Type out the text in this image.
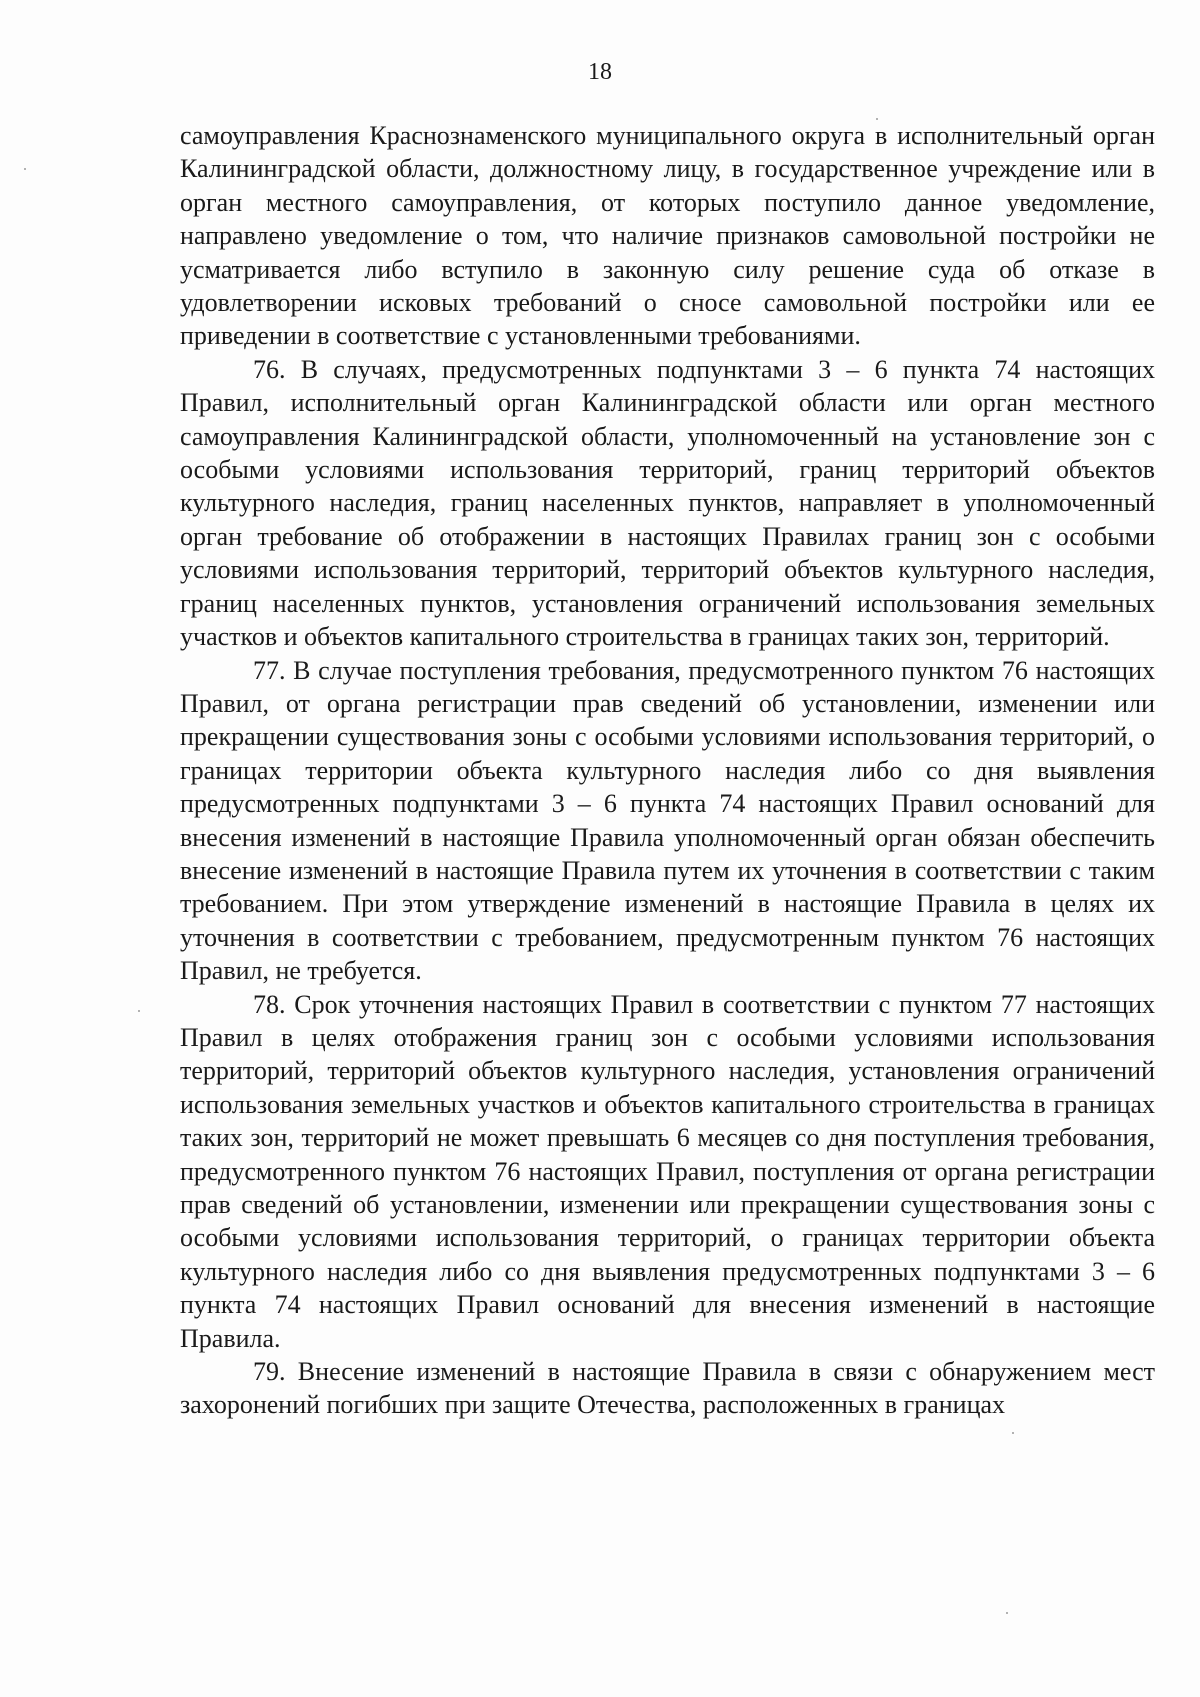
18

самоуправления Краснознаменского муниципального округа в исполнительный орган Калининградской области, должностному лицу, в государственное учреждение или в орган местного самоуправления, от которых поступило данное уведомление, направлено уведомление о том, что наличие признаков самовольной постройки не усматривается либо вступило в законную силу решение суда об отказе в удовлетворении исковых требований о сносе самовольной постройки или ее приведении в соответствие с установленными требованиями.

76. В случаях, предусмотренных подпунктами 3 – 6 пункта 74 настоящих Правил, исполнительный орган Калининградской области или орган местного самоуправления Калининградской области, уполномоченный на установление зон с особыми условиями использования территорий, границ территорий объектов культурного наследия, границ населенных пунктов, направляет в уполномоченный орган требование об отображении в настоящих Правилах границ зон с особыми условиями использования территорий, территорий объектов культурного наследия, границ населенных пунктов, установления ограничений использования земельных участков и объектов капитального строительства в границах таких зон, территорий.

77. В случае поступления требования, предусмотренного пунктом 76 настоящих Правил, от органа регистрации прав сведений об установлении, изменении или прекращении существования зоны с особыми условиями использования территорий, о границах территории объекта культурного наследия либо со дня выявления предусмотренных подпунктами 3 – 6 пункта 74 настоящих Правил оснований для внесения изменений в настоящие Правила уполномоченный орган обязан обеспечить внесение изменений в настоящие Правила путем их уточнения в соответствии с таким требованием. При этом утверждение изменений в настоящие Правила в целях их уточнения в соответствии с требованием, предусмотренным пунктом 76 настоящих Правил, не требуется.

78. Срок уточнения настоящих Правил в соответствии с пунктом 77 настоящих Правил в целях отображения границ зон с особыми условиями использования территорий, территорий объектов культурного наследия, установления ограничений использования земельных участков и объектов капитального строительства в границах таких зон, территорий не может превышать 6 месяцев со дня поступления требования, предусмотренного пунктом 76 настоящих Правил, поступления от органа регистрации прав сведений об установлении, изменении или прекращении существования зоны с особыми условиями использования территорий, о границах территории объекта культурного наследия либо со дня выявления предусмотренных подпунктами 3 – 6 пункта 74 настоящих Правил оснований для внесения изменений в настоящие Правила.

79. Внесение изменений в настоящие Правила в связи с обнаружением мест захоронений погибших при защите Отечества, расположенных в границах
